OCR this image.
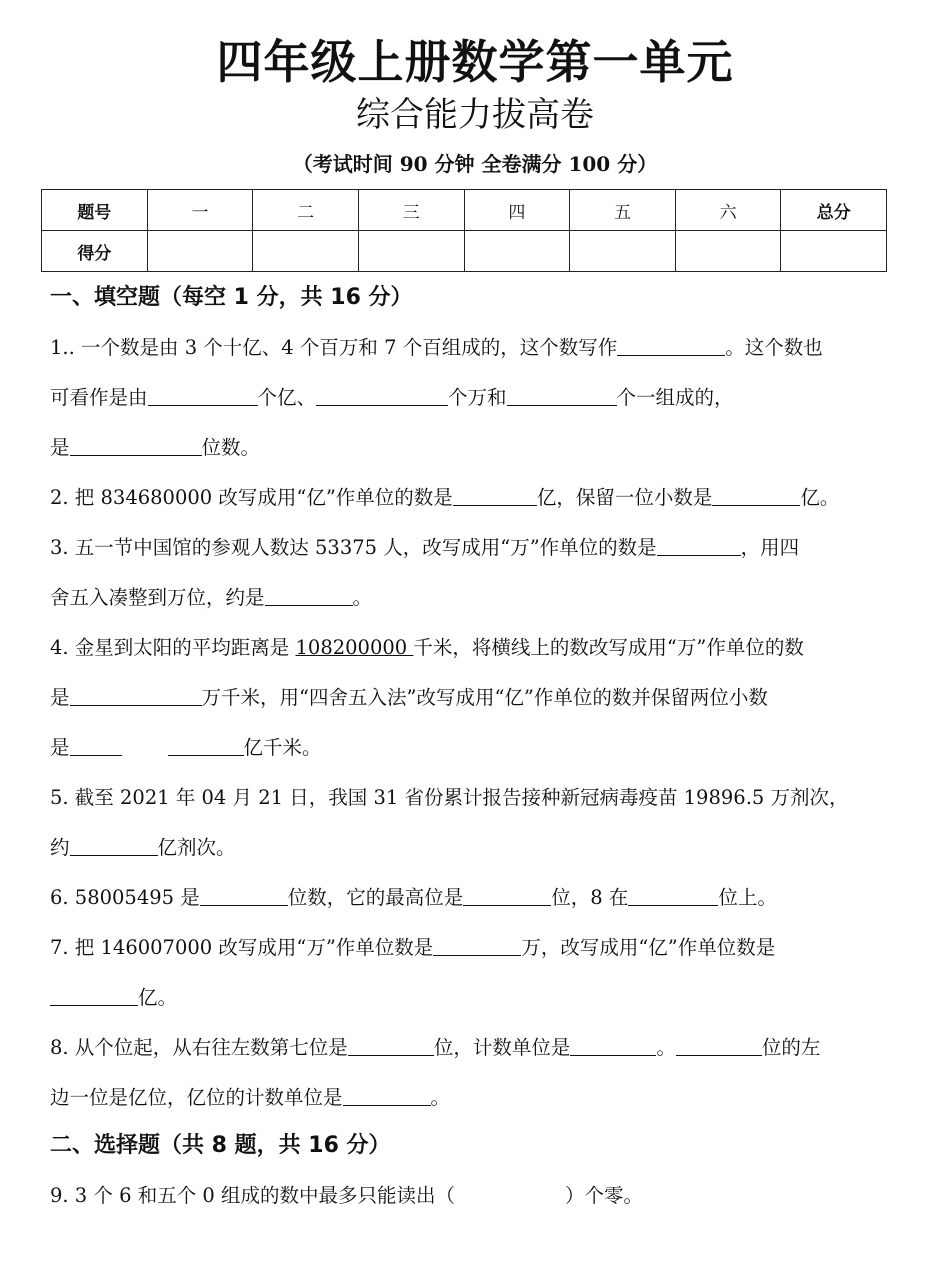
四年级上册数学第一单元
综合能力拔高卷
（考试时间 90 分钟 全卷满分 100 分）
题号	一	二	三	四	五	六	总分
得分							
一、填空题（每空 1 分，共 16 分）
1.. 一个数是由 3 个十亿、4 个百万和 7 个百组成的，这个数写作	。这个数也
可看作是由	个亿、	个万和	个一组成的，
是	位数。
2. 把 834680000 改写成用“亿”作单位的数是	亿，保留一位小数是	亿。
3. 五一节中国馆的参观人数达 53375 人，改写成用“万”作单位的数是	，用四
舍五入凑整到万位，约是	。
4. 金星到太阳的平均距离是 108200000 千米，将横线上的数改写成用“万”作单位的数
是	万千米，用“四舍五入法”改写成用“亿”作单位的数并保留两位小数
是	亿千米。
5. 截至 2021 年 04 月 21 日，我国 31 省份累计报告接种新冠病毒疫苗 19896.5 万剂次，
约	亿剂次。
6. 58005495 是	位数，它的最高位是	位，8 在	位上。
7. 把 146007000 改写成用“万”作单位数是	万，改写成用“亿”作单位数是
亿。
8. 从个位起，从右往左数第七位是	位，计数单位是	。	位的左
边一位是亿位，亿位的计数单位是	。
二、选择题（共 8 题，共 16 分）
9. 3 个 6 和五个 0 组成的数中最多只能读出（	）个零。
